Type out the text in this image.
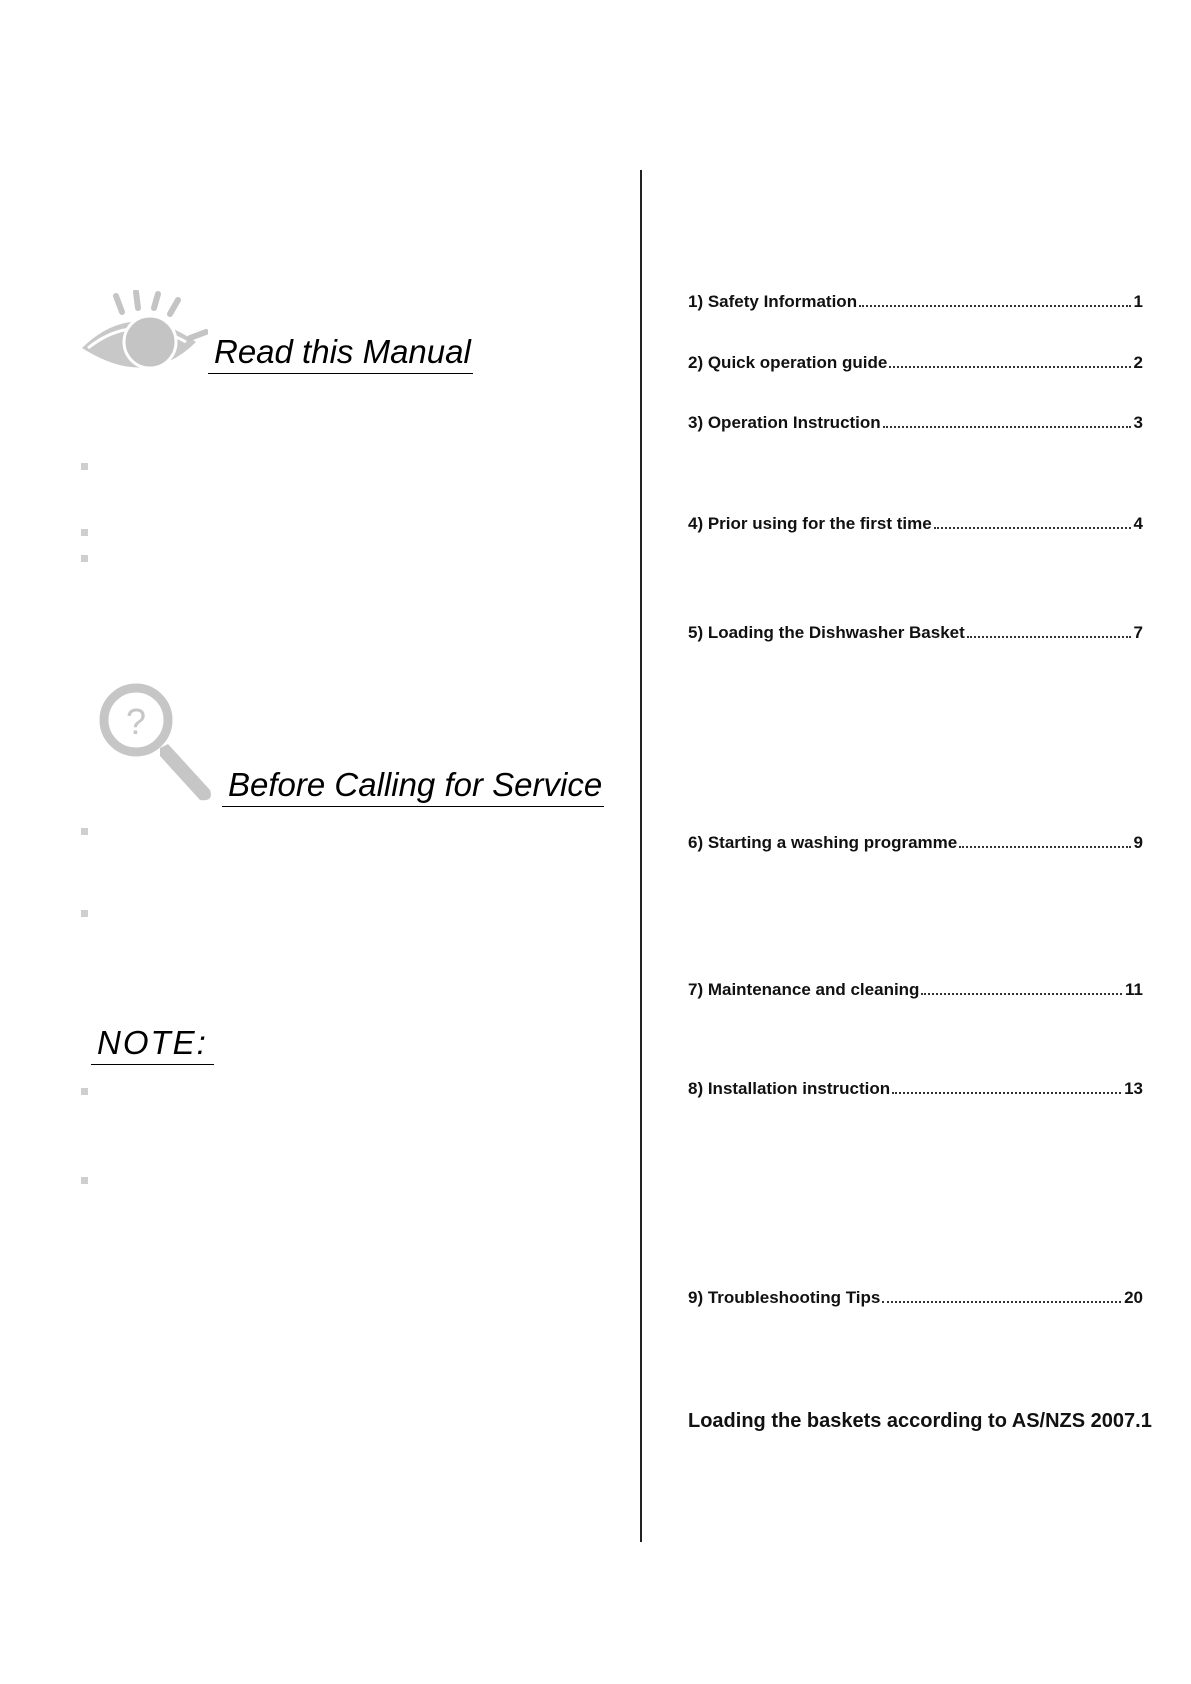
Read this Manual
?
Before Calling for Service
NOTE:
1) Safety Information	1
2) Quick operation guide	2
3) Operation Instruction	3
4) Prior using for the first time	4
5) Loading the Dishwasher Basket	7
6) Starting a washing programme	9
7) Maintenance and cleaning	11
8) Installation instruction	13
9) Troubleshooting Tips	20
Loading the baskets according to AS/NZS 2007.1
